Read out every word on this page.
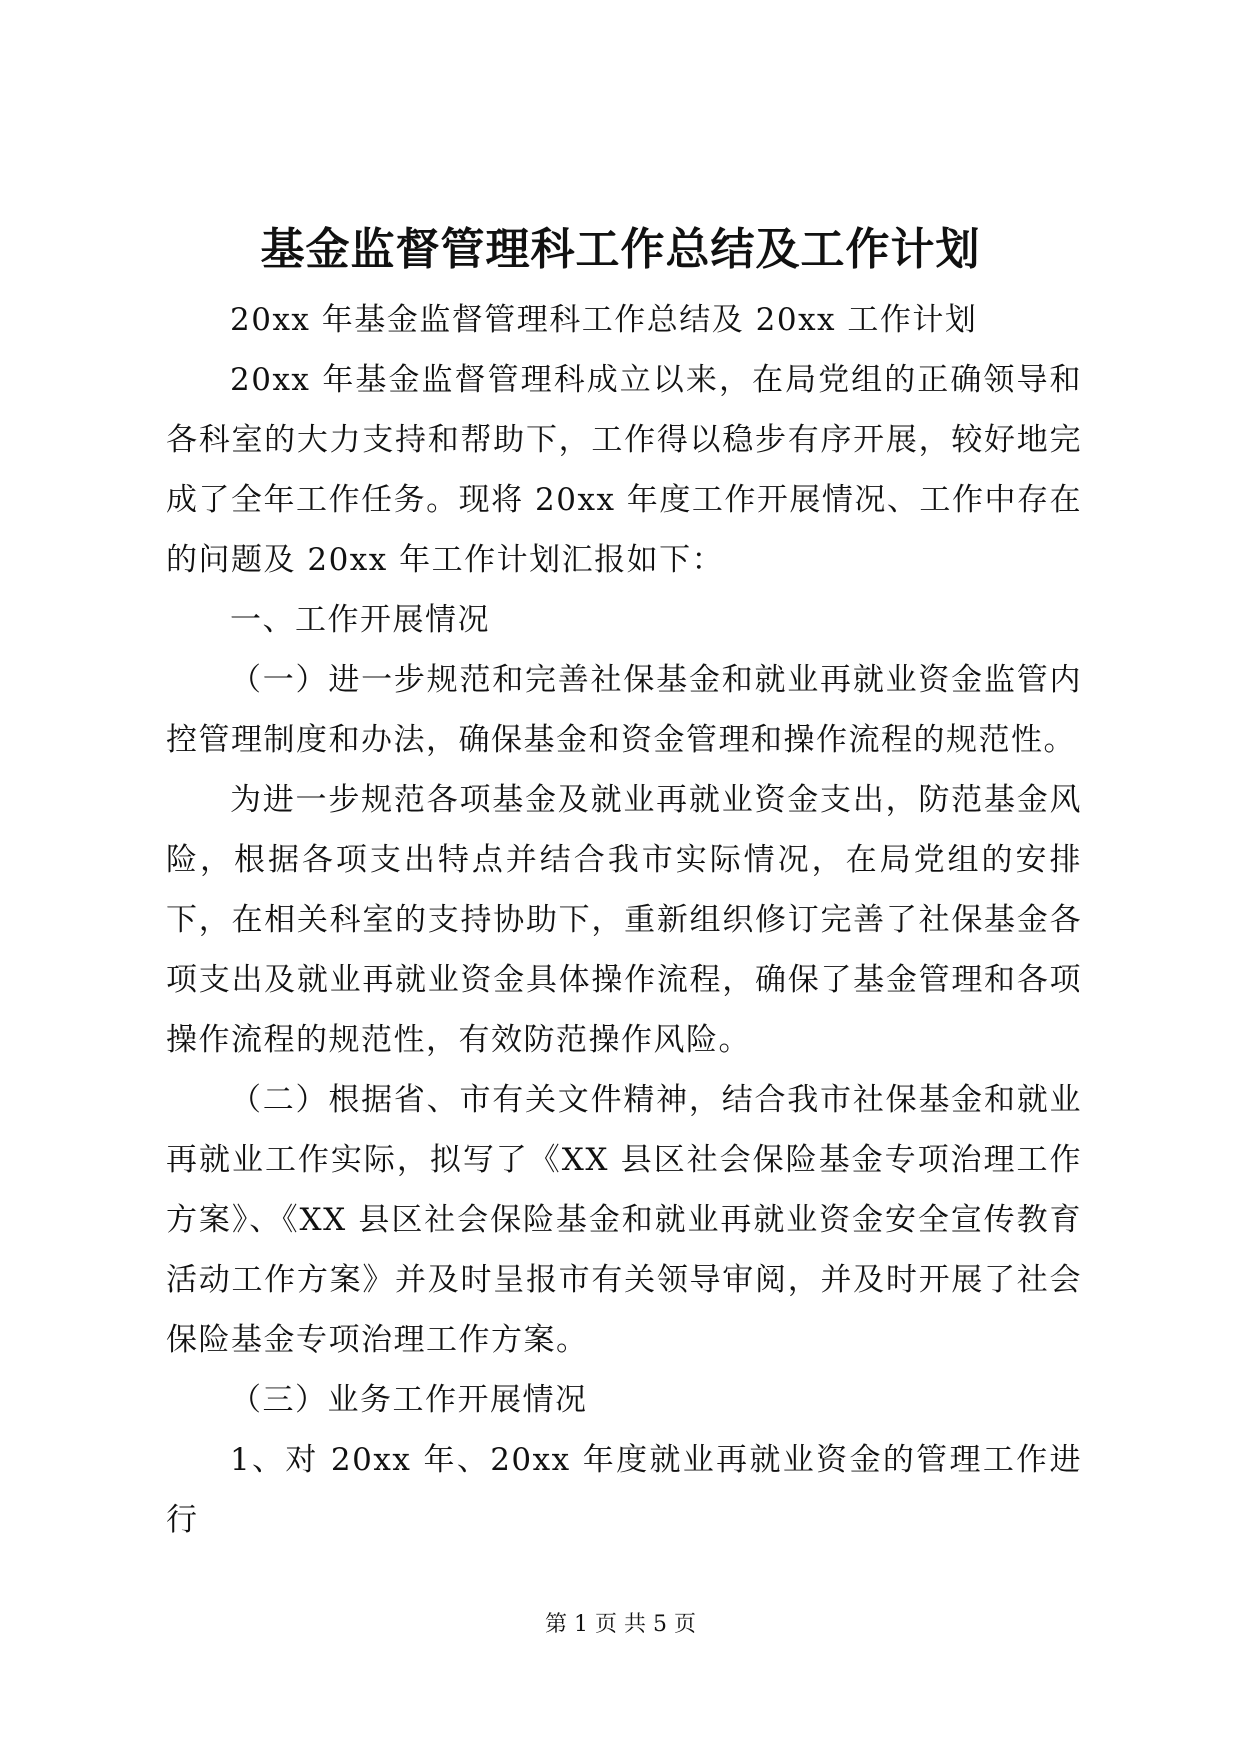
基金监督管理科工作总结及工作计划

20xx 年基金监督管理科工作总结及 20xx 工作计划

20xx 年基金监督管理科成立以来，在局党组的正确领导和各科室的大力支持和帮助下，工作得以稳步有序开展，较好地完成了全年工作任务。现将 20xx 年度工作开展情况、工作中存在的问题及 20xx 年工作计划汇报如下：

一、工作开展情况

（一）进一步规范和完善社保基金和就业再就业资金监管内控管理制度和办法，确保基金和资金管理和操作流程的规范性。

为进一步规范各项基金及就业再就业资金支出，防范基金风险，根据各项支出特点并结合我市实际情况，在局党组的安排下，在相关科室的支持协助下，重新组织修订完善了社保基金各项支出及就业再就业资金具体操作流程，确保了基金管理和各项操作流程的规范性，有效防范操作风险。

（二）根据省、市有关文件精神，结合我市社保基金和就业再就业工作实际，拟写了《XX 县区社会保险基金专项治理工作方案》、《XX 县区社会保险基金和就业再就业资金安全宣传教育活动工作方案》并及时呈报市有关领导审阅，并及时开展了社会保险基金专项治理工作方案。

（三）业务工作开展情况

1、对 20xx 年、20xx 年度就业再就业资金的管理工作进行

第 1 页 共 5 页
